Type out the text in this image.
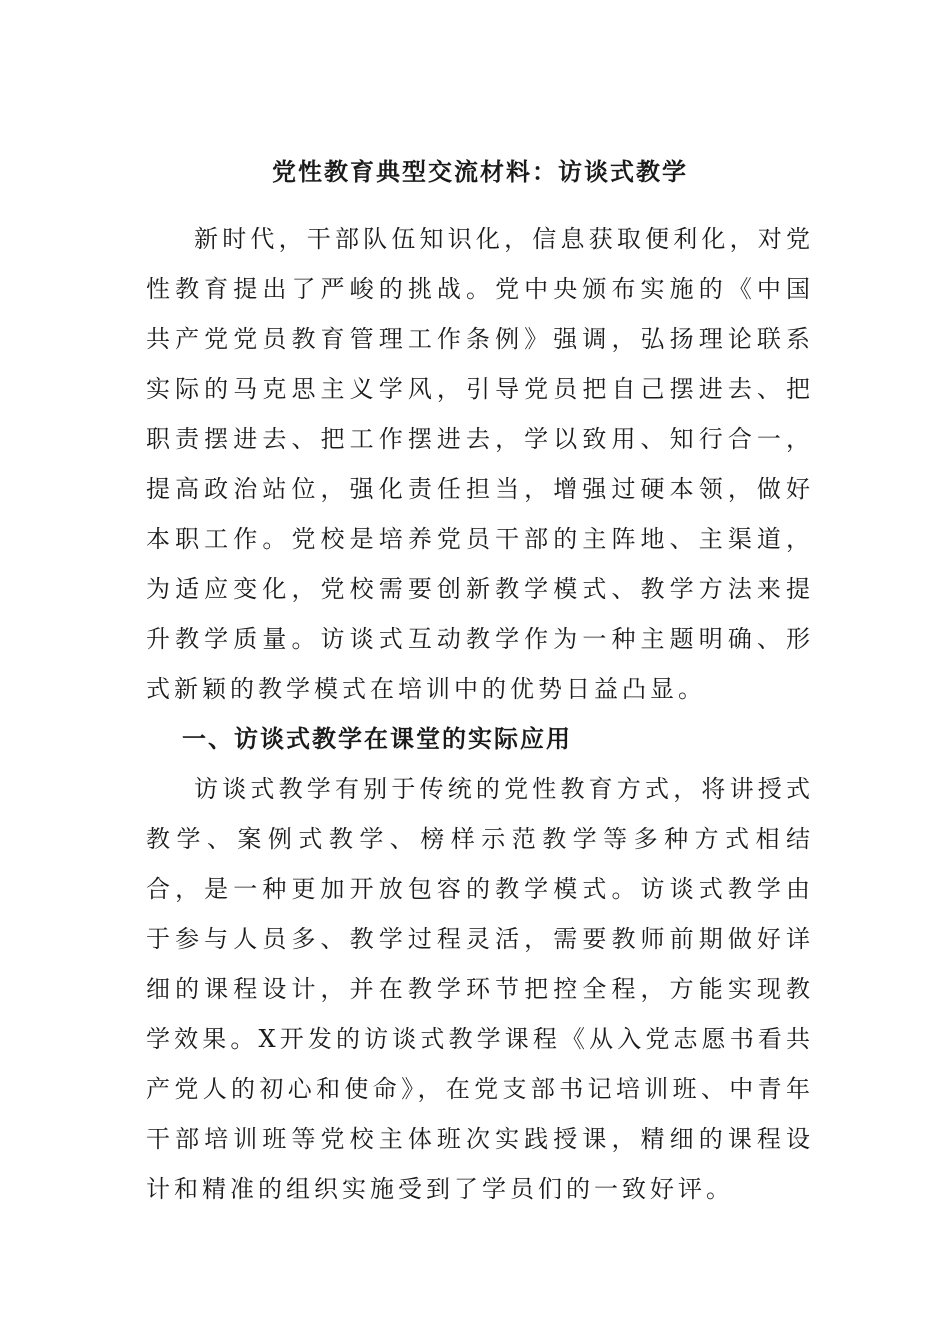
党性教育典型交流材料：访谈式教学

新时代，干部队伍知识化，信息获取便利化，对党性教育提出了严峻的挑战。党中央颁布实施的《中国共产党党员教育管理工作条例》强调，弘扬理论联系实际的马克思主义学风，引导党员把自己摆进去、把职责摆进去、把工作摆进去，学以致用、知行合一，提高政治站位，强化责任担当，增强过硬本领，做好本职工作。党校是培养党员干部的主阵地、主渠道，为适应变化，党校需要创新教学模式、教学方法来提升教学质量。访谈式互动教学作为一种主题明确、形式新颖的教学模式在培训中的优势日益凸显。

一、访谈式教学在课堂的实际应用

访谈式教学有别于传统的党性教育方式，将讲授式教学、案例式教学、榜样示范教学等多种方式相结合，是一种更加开放包容的教学模式。访谈式教学由于参与人员多、教学过程灵活，需要教师前期做好详细的课程设计，并在教学环节把控全程，方能实现教学效果。X开发的访谈式教学课程《从入党志愿书看共产党人的初心和使命》，在党支部书记培训班、中青年干部培训班等党校主体班次实践授课，精细的课程设计和精准的组织实施受到了学员们的一致好评。
